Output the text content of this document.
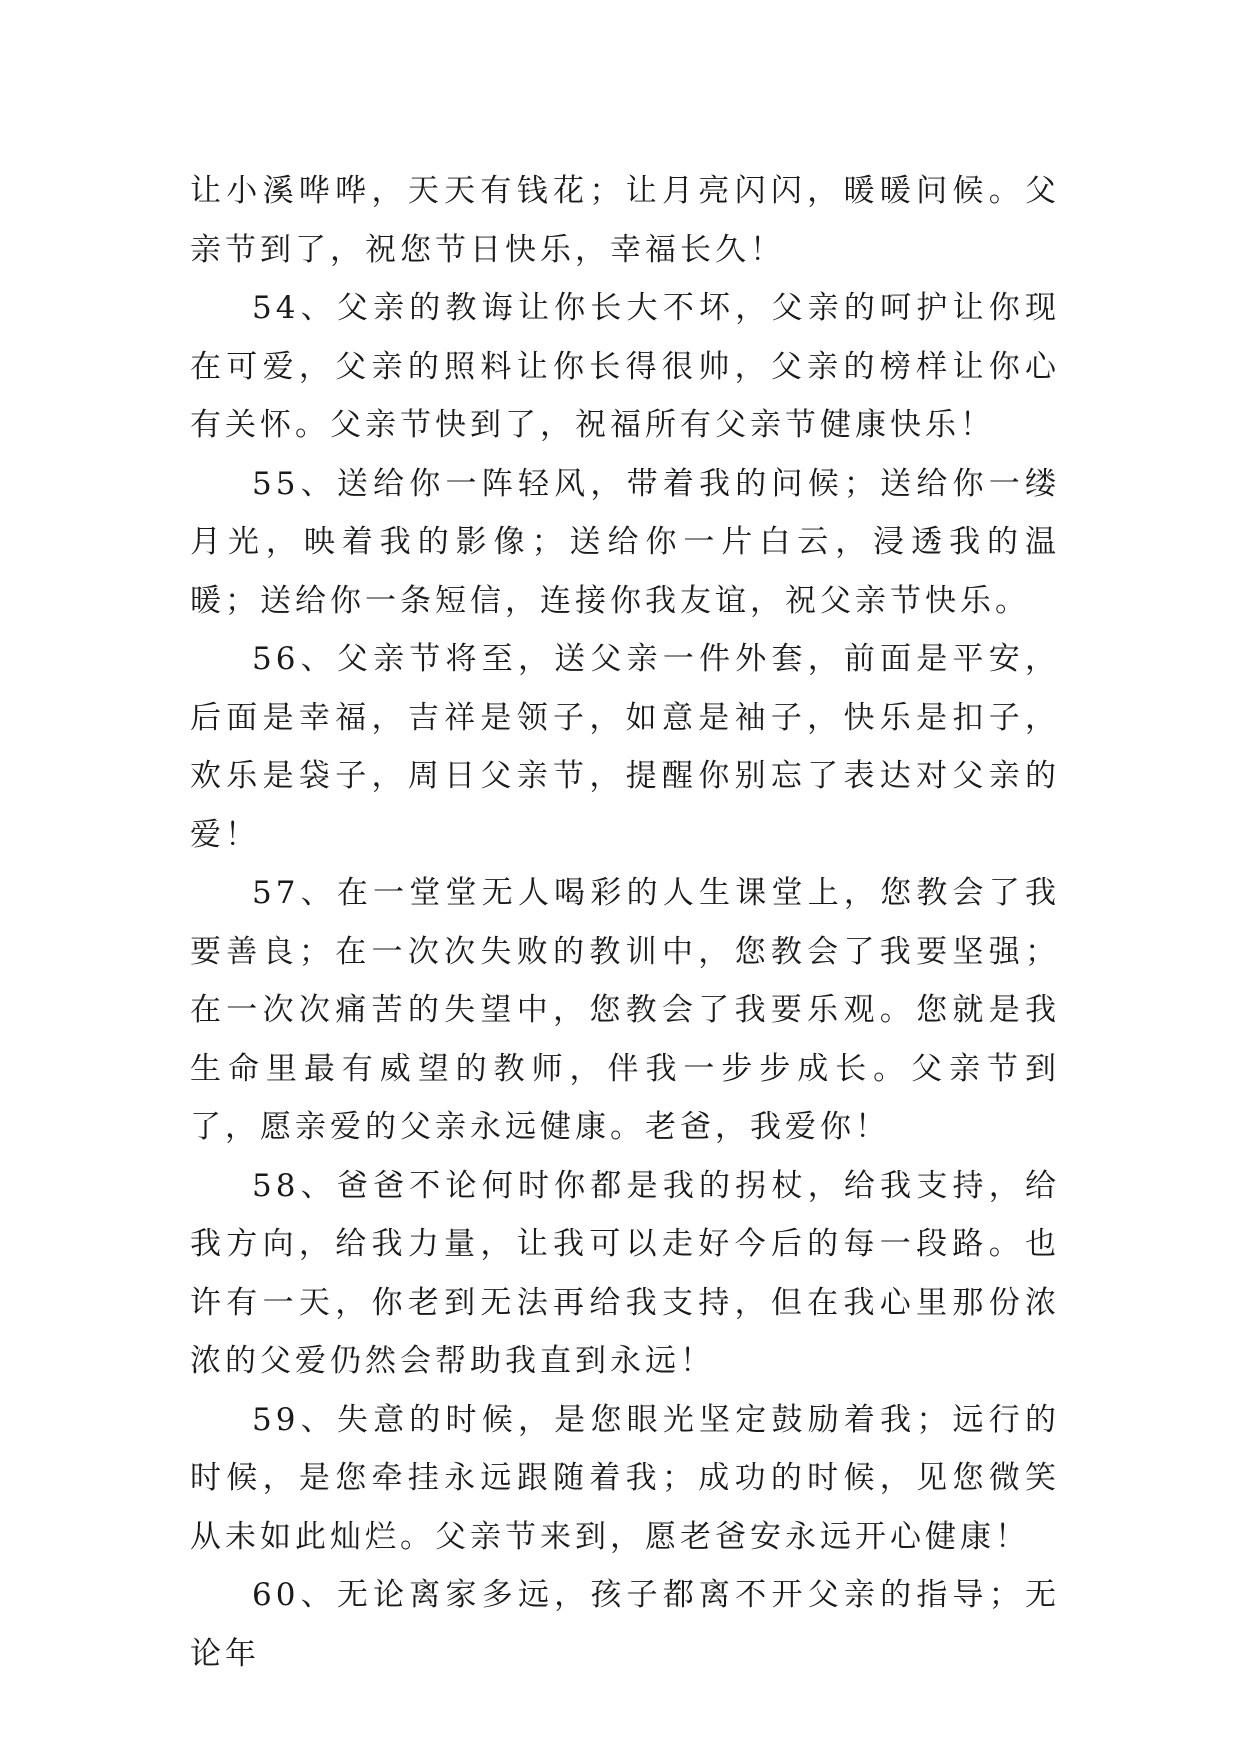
让小溪哗哗，天天有钱花；让月亮闪闪，暖暖问候。父亲节到了，祝您节日快乐，幸福长久！

54、父亲的教诲让你长大不坏，父亲的呵护让你现在可爱，父亲的照料让你长得很帅，父亲的榜样让你心有关怀。父亲节快到了，祝福所有父亲节健康快乐！

55、送给你一阵轻风，带着我的问候；送给你一缕月光，映着我的影像；送给你一片白云，浸透我的温暖；送给你一条短信，连接你我友谊，祝父亲节快乐。

56、父亲节将至，送父亲一件外套，前面是平安，后面是幸福，吉祥是领子，如意是袖子，快乐是扣子，欢乐是袋子，周日父亲节，提醒你别忘了表达对父亲的爱！

57、在一堂堂无人喝彩的人生课堂上，您教会了我要善良；在一次次失败的教训中，您教会了我要坚强；在一次次痛苦的失望中，您教会了我要乐观。您就是我生命里最有威望的教师，伴我一步步成长。父亲节到了，愿亲爱的父亲永远健康。老爸，我爱你！

58、爸爸不论何时你都是我的拐杖，给我支持，给我方向，给我力量，让我可以走好今后的每一段路。也许有一天，你老到无法再给我支持，但在我心里那份浓浓的父爱仍然会帮助我直到永远！

59、失意的时候，是您眼光坚定鼓励着我；远行的时候，是您牵挂永远跟随着我；成功的时候，见您微笑从未如此灿烂。父亲节来到，愿老爸安永远开心健康！

60、无论离家多远，孩子都离不开父亲的指导；无论年
